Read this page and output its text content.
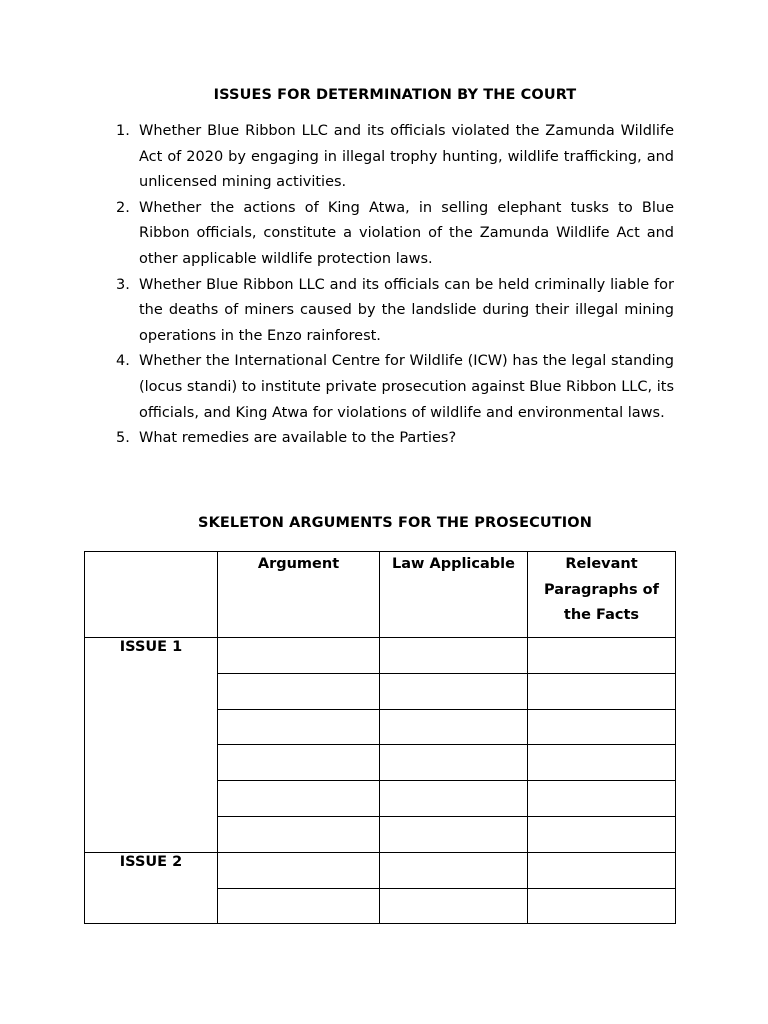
ISSUES FOR DETERMINATION BY THE COURT
1. Whether Blue Ribbon LLC and its officials violated the Zamunda Wildlife Act of 2020 by engaging in illegal trophy hunting, wildlife trafficking, and unlicensed mining activities.
2. Whether the actions of King Atwa, in selling elephant tusks to Blue Ribbon officials, constitute a violation of the Zamunda Wildlife Act and other applicable wildlife protection laws.
3. Whether Blue Ribbon LLC and its officials can be held criminally liable for the deaths of miners caused by the landslide during their illegal mining operations in the Enzo rainforest.
4. Whether the International Centre for Wildlife (ICW) has the legal standing (locus standi) to institute private prosecution against Blue Ribbon LLC, its officials, and King Atwa for violations of wildlife and environmental laws.
5. What remedies are available to the Parties?
SKELETON ARGUMENTS FOR THE PROSECUTION
	Argument	Law Applicable	Relevant Paragraphs of the Facts
ISSUE 1			

ISSUE 2			
